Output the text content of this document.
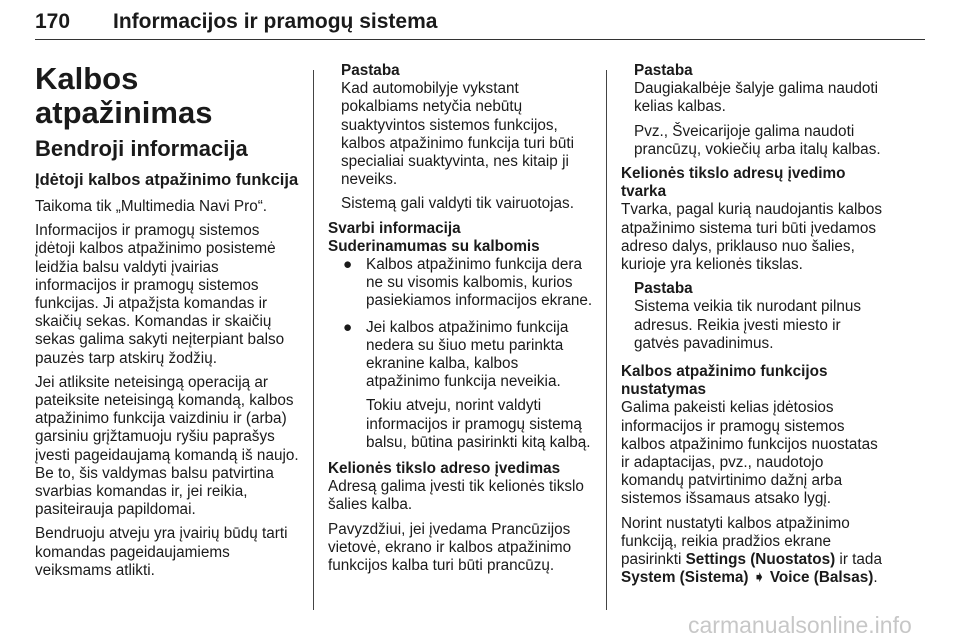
170 Informacijos ir pramogų sistema
Kalbos atpažinimas
Bendroji informacija
Įdėtoji kalbos atpažinimo funkcija

Taikoma tik „Multimedia Navi Pro“.

Informacijos ir pramogų sistemos įdėtoji kalbos atpažinimo posistemė leidžia balsu valdyti įvairias informacijos ir pramogų sistemos funkcijas. Ji atpažįsta komandas ir skaičių sekas. Komandas ir skaičių sekas galima sakyti neįterpiant balso pauzės tarp atskirų žodžių.

Jei atliksite neteisingą operaciją ar pateiksite neteisingą komandą, kalbos atpažinimo funkcija vaizdiniu ir (arba) garsiniu grįžtamuoju ryšiu paprašys įvesti pageidaujamą komandą iš naujo. Be to, šis valdymas balsu patvirtina svarbias komandas ir, jei reikia, pasiteirauja papildomai.

Bendruoju atveju yra įvairių būdų tarti komandas pageidaujamiems veiksmams atlikti.

Pastaba

Kad automobilyje vykstant pokalbiams netyčia nebūtų suaktyvintos sistemos funkcijos, kalbos atpažinimo funkcija turi būti specialiai suaktyvinta, nes kitaip ji neveiks.

Sistemą gali valdyti tik vairuotojas.

Svarbi informacija
Suderinamumas su kalbomis
● Kalbos atpažinimo funkcija dera ne su visomis kalbomis, kurios pasiekiamos informacijos ekrane.

● Jei kalbos atpažinimo funkcija nedera su šiuo metu parinkta ekranine kalba, kalbos atpažinimo funkcija neveikia.

Tokiu atveju, norint valdyti informacijos ir pramogų sistemą balsu, būtina pasirinkti kitą kalbą.

Kelionės tikslo adreso įvedimas

Adresą galima įvesti tik kelionės tikslo šalies kalba.

Pavyzdžiui, jei įvedama Prancūzijos vietovė, ekrano ir kalbos atpažinimo funkcijos kalba turi būti prancūzų.

Pastaba

Daugiakalbėje šalyje galima naudoti kelias kalbas.

Pvz., Šveicarijoje galima naudoti prancūzų, vokiečių arba italų kalbas.

Kelionės tikslo adresų įvedimo tvarka

Tvarka, pagal kurią naudojantis kalbos atpažinimo sistema turi būti įvedamos adreso dalys, priklauso nuo šalies, kurioje yra kelionės tikslas.

Pastaba

Sistema veikia tik nurodant pilnus adresus. Reikia įvesti miesto ir gatvės pavadinimus.

Kalbos atpažinimo funkcijos nustatymas

Galima pakeisti kelias įdėtosios informacijos ir pramogų sistemos kalbos atpažinimo funkcijos nuostatas ir adaptacijas, pvz., naudotojo komandų patvirtinimo dažnį arba sistemos išsamaus atsako lygį.

Norint nustatyti kalbos atpažinimo funkciją, reikia pradžios ekrane pasirinkti Settings (Nuostatos) ir tada System (Sistema) ➧ Voice (Balsas).

carmanualsonline.info
